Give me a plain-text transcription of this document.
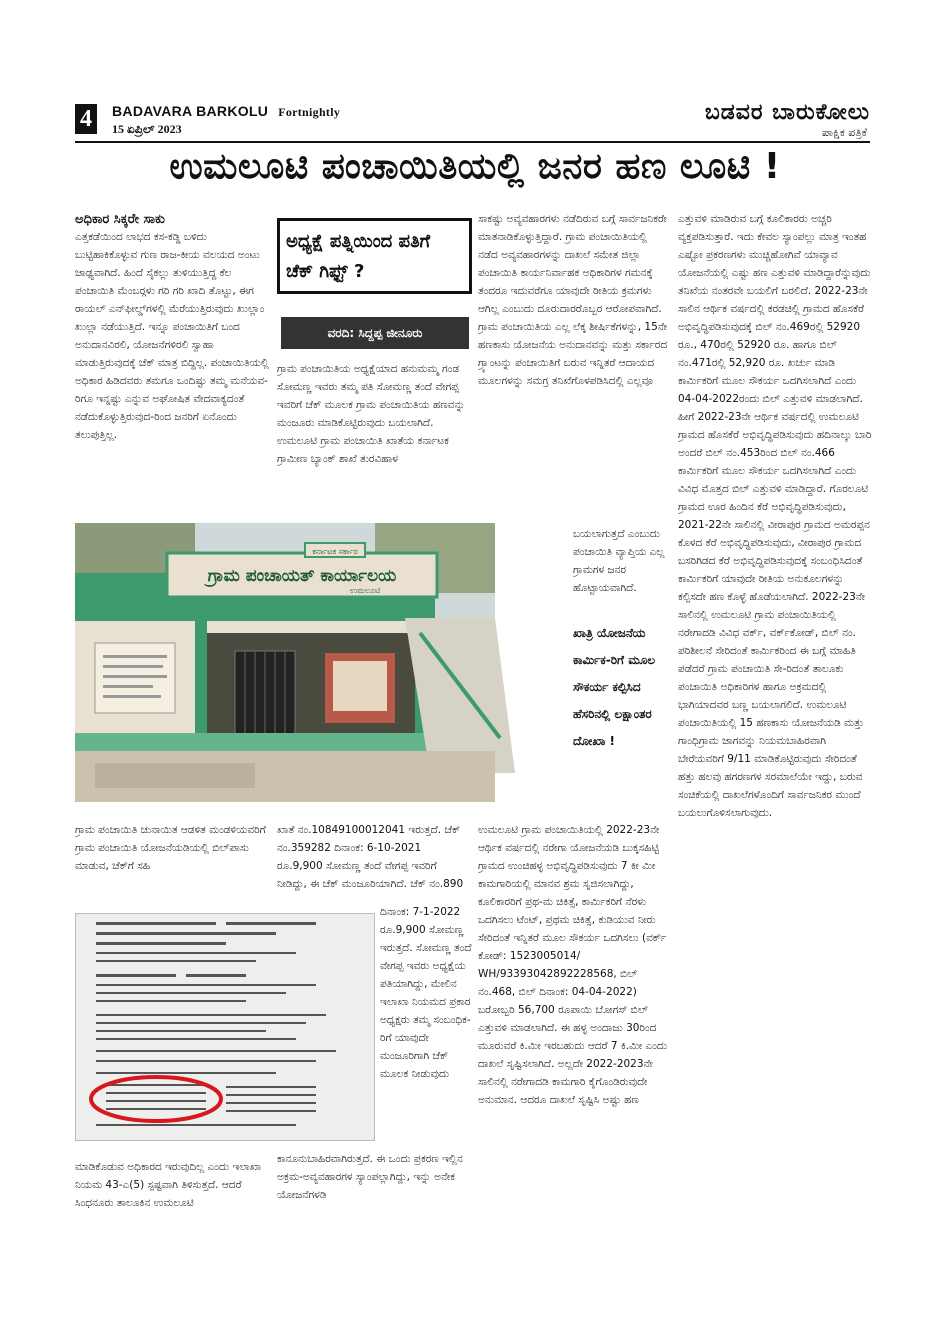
4	BADAVARA BARKOLU Fortnightly
15 ಏಪ್ರಿಲ್ 2023
ಬಡವರ ಬಾರುಕೋಲು
ಪಾಕ್ಷಿಕ ಪತ್ರಿಕೆ
ಉಮಲೂಟಿ ಪಂಚಾಯಿತಿಯಲ್ಲಿ ಜನರ ಹಣ ಲೂಟಿ !
ಅಧಿಕಾರ ಸಿಕ್ಕರೇ ಸಾಕು
ಎತ್ತಕಡೆಯಿಂದ ಲಾಭದ ಕಸ-ಕಡ್ಡಿ ಬಳಿದು ಬುಟ್ಟಿಹಾಕಿಕೊಳ್ಳುವ ಗುಣ ರಾಜ-ಕೀಯ ವಲಯದ ಅಂಟು ಜಾಢ್ಯವಾಗಿದೆ. ಹಿಂದೆ ಸೈಕಲ್ಲು ತುಳಿಯುತ್ತಿದ್ದ ಕೆಲ ಪಂಚಾಯಿತಿ ಮೆಂಬರ‍್ಗಳು ಗರಿ ಗರಿ ಖಾದಿ ತೊಟ್ಟು, ಈಗ ರಾಯಲ್ ಎನ್‌ಫೀಲ್ಡ್‌ಗಳಲ್ಲಿ ಮೆರೆಯುತ್ತಿರುವುದು ಖುಲ್ಲಾಂ ಖುಲ್ಲಾ ನಡೆಯುತ್ತಿದೆ. ಇನ್ನೂ ಪಂಚಾಯಿತಿಗೆ ಬಂದ ಅನುದಾನವಿರಲಿ, ಯೋಜನೆಗಳಿರಲಿ ಸ್ವಾಹಾ ಮಾಡುತ್ತಿರುವುದಕ್ಕೆ ಚೆಕ್ ಮಾತ್ರ ಬಿದ್ದಿಲ್ಲ. ಪಂಚಾಯಿತಿಯಲ್ಲಿ ಅಧಿಕಾರ ಹಿಡಿದವರು ತಮಗೂ ಒಂದಿಷ್ಟು ತಮ್ಮ ಮನೆಯವ-ರಿಗೂ ಇನ್ನಷ್ಟು ಎನ್ನುವ ಅಘೋಷಿತ ವೇದವಾಕ್ಯದಂತೆ ನಡೆದುಕೊಳ್ಳುತ್ತಿರುವುದ-ರಿಂದ ಜನರಿಗೆ ಏನೊಂದು ತಲುಪುತ್ತಿಲ್ಲ.
ಅಧ್ಯಕ್ಷೆ ಪತ್ನಿಯಿಂದ ಪತಿಗೆ ಚೆಕ್ ಗಿಫ್ಟ್ ?
ವರದಿ: ಸಿದ್ದಪ್ಪ ಜೀನೂರು
ಗ್ರಾಮ ಪಂಚಾಯಿತಿಯ ಅಧ್ಯಕ್ಷೆಯಾದ ಹನುಮಮ್ಮ ಗಂಡ ಸೋಮಣ್ಣ ಇವರು ತಮ್ಮ ಪತಿ ಸೋಮಣ್ಣ ತಂದೆ ವೇಗಪ್ಪ ಇವರಿಗೆ ಚೆಕ್ ಮೂಲಕ ಗ್ರಾಮ ಪಂಚಾಯಿತಿಯ ಹಣವನ್ನು ಮಂಜೂರು ಮಾಡಿಕೊಟ್ಟಿರುವುದು ಬಯಲಾಗಿದೆ.
ಉಮಲೂಟಿ ಗ್ರಾಮ ಪಂಚಾಯಿತಿ ಖಾತೆಯ ಕರ್ನಾಟಕ ಗ್ರಾಮೀಣ ಬ್ಯಾಂಕ್ ಶಾಖೆ ತುರವಿಹಾಳ
ಸಾಕಷ್ಟು ಅವ್ಯವಹಾರಗಳು ನಡೆದಿರುವ ಬಗ್ಗೆ ಸಾರ್ವಜನಿಕರೇ ಮಾತನಾಡಿಕೊಳ್ಳುತ್ತಿದ್ದಾರೆ. ಗ್ರಾಮ ಪಂಚಾಯಿತಿಯಲ್ಲಿ ನಡೆದ ಅವ್ಯವಹಾರಗಳನ್ನು ದಾಖಲೆ ಸಮೇತ ಜಿಲ್ಲಾ ಪಂಚಾಯಿತಿ ಕಾರ್ಯನಿರ್ವಾಹಕ ಅಧಿಕಾರಿಗಳ ಗಮನಕ್ಕೆ ತಂದರೂ ಇದುವರೆಗೂ ಯಾವುದೇ ರೀತಿಯ ಕ್ರಮಗಳು ಆಗಿಲ್ಲ ಎಂಬುದು ದೂರುದಾರರೊಬ್ಬರ ಆರೋಪವಾಗಿದೆ. ಗ್ರಾಮ ಪಂಚಾಯಿತಿಯ ಎಲ್ಲ ಲೆಕ್ಕ ಶೀರ್ಷಿಕೆಗಳನ್ನು, 15ನೇ ಹಣಕಾಸು ಯೋಜನೆಯ ಅನುದಾನವನ್ನು ಮತ್ತು ಸರ್ಕಾರದ ಗ್ರ್ಯಾಂಟನ್ನು ಪಂಚಾಯಿತಿಗೆ ಬರುವ ಇನ್ನಿತರೆ ಆದಾಯದ ಮೂಲಗಳನ್ನು ಸಮಗ್ರ ತನಿಖೆಗೊಳಪಡಿಸಿದಲ್ಲಿ ಎಲ್ಲವೂ
ಬಯಲಾಗುತ್ತದೆ ಎಂಬುದು ಪಂಚಾಯಿತಿ ವ್ಯಾಪ್ತಿಯ ಎಲ್ಲ ಗ್ರಾಮಗಳ ಜನರ ಹೊಟ್ಟಾಯವಾಗಿದೆ.
ಖಾತ್ರಿ ಯೋಜನೆಯ ಕಾರ್ಮಿಕ-ರಿಗೆ ಮೂಲ ಸೌಕರ್ಯ ಕಲ್ಪಿಸಿದ ಹೆಸರಿನಲ್ಲಿ ಲಕ್ಷಾಂತರ ದೋಖಾ !
ಎತ್ತುವಳಿ ಮಾಡಿರುವ ಬಗ್ಗೆ ಕೂಲಿಕಾರರು ಅಚ್ಚರಿ ವ್ಯಕ್ತಪಡಿಸುತ್ತಾರೆ. ಇದು ಕೇವಲ ಸ್ಯಾಂಪಲ್ಲು ಮಾತ್ರ ಇಂತಹ ಎಷ್ಟೋ ಪ್ರಕರಣಗಳು ಮುಚ್ಚಿಹೋಗಿವೆ ಯಾವ್ಯಾವ ಯೋಜನೆಯಲ್ಲಿ ಎಷ್ಟು ಹಣ ಎತ್ತುವಳಿ ಮಾಡಿದ್ದಾರೆನ್ನುವುದು ತನಿಖೆಯ ನಂತರವೇ ಬಯಲಿಗೆ ಬರಲಿದೆ. 2022-23ನೇ ಸಾಲಿನ ಆರ್ಥಿಕ ವರ್ಷದಲ್ಲಿ ಕರಡಚಿಲ್ಲಿ ಗ್ರಾಮದ ಹೊಸಕೆರೆ ಅಭಿವೃದ್ಧಿಪಡಿಸುವುದಕ್ಕೆ ಬಿಲ್ ನಂ.469ರಲ್ಲಿ 52920 ರೂ., 470ರಲ್ಲಿ 52920 ರೂ. ಹಾಗೂ ಬಿಲ್ ನಂ.471ರಲ್ಲಿ 52,920 ರೂ. ಖರ್ಚು ಮಾಡಿ ಕಾರ್ಮಿಕರಿಗೆ ಮೂಲ ಸೌಕರ್ಯ ಒದಗಿಸಲಾಗಿದೆ ಎಂದು 04-04-2022ರಂದು ಬಿಲ್ ಎತ್ತುವಳಿ ಮಾಡಲಾಗಿದೆ. ಹೀಗೆ 2022-23ನೇ ಆರ್ಥಿಕ ವರ್ಷದಲ್ಲಿ ಉಮಲೂಟಿ ಗ್ರಾಮದ ಹೊಸಕೆರೆ ಅಭಿವೃದ್ಧಿಪಡಿಸುವುದು ಹದಿನಾಲ್ಕು ಬಾರಿ ಅಂದರೆ ಬಿಲ್ ನಂ.453ರಿಂದ ಬಿಲ್ ನಂ.466 ಕಾರ್ಮಿಕರಿಗೆ ಮೂಲ ಸೌಕರ್ಯ ಒದಗಿಸಲಾಗಿದೆ ಎಂದು ವಿವಿಧ ಮೊತ್ತದ ಬಿಲ್ ಎತ್ತುವಳಿ ಮಾಡಿದ್ದಾರೆ. ಗೊರಲೂಟಿ ಗ್ರಾಮದ ಊರ ಹಿಂದಿನ ಕೆರೆ ಅಭಿವೃದ್ಧಿಪಡಿಸುವುದು, 2021-22ನೇ ಸಾಲಿನಲ್ಲಿ ವೀರಾಪುರ ಗ್ರಾಮದ ಅಮರಪ್ಪನ ಕೊಳದ ಕೆರೆ ಅಭಿವೃದ್ಧಿಪಡಿಸುವುದು, ವೀರಾಪುರ ಗ್ರಾಮದ ಬಸರಿಗಿಡದ ಕೆರೆ ಅಭಿವೃದ್ಧಿಪಡಿಸುವುದಕ್ಕೆ ಸಂಬಂಧಿಸಿದಂತೆ ಕಾರ್ಮಿಕರಿಗೆ ಯಾವುದೇ ರೀತಿಯ ಅನುಕೂಲಗಳನ್ನು ಕಲ್ಪಿಸದೇ ಹಣ ಕೊಳ್ಳೆ ಹೊಡೆಯಲಾಗಿದೆ. 2022-23ನೇ ಸಾಲಿನಲ್ಲಿ ಉಮಲೂಟಿ ಗ್ರಾಮ ಪಂಚಾಯಿತಿಯಲ್ಲಿ ನರೇಗಾದಡಿ ವಿವಿಧ ವರ್ಕ್, ವರ್ಕ್‌ಕೋಡ್, ಬಿಲ್ ನಂ. ಪರಿಶೀಲನೆ ಸೇರಿದಂತೆ ಕಾರ್ಮಿಕರಿಂದ ಈ ಬಗ್ಗೆ ಮಾಹಿತಿ ಪಡೆದರೆ ಗ್ರಾಮ ಪಂಚಾಯಿತಿ ಸೇ-ರಿದಂತೆ ತಾಲೂಕು ಪಂಚಾಯಿತಿ ಅಧಿಕಾರಿಗಳ ಹಾಗೂ ಅಕ್ರಮದಲ್ಲಿ ಭಾಗಿಯಾದವರ ಬಣ್ಣ ಬಯಲಾಗಲಿದೆ. ಉಮಲೂಟಿ ಪಂಚಾಯಿತಿಯಲ್ಲಿ 15 ಹಣಕಾಸು ಯೋಜನೆಯಡಿ ಮತ್ತು ಗಾಂಧಿಗ್ರಾಮ ಜಾಗವನ್ನು ನಿಯಮಬಾಹಿರವಾಗಿ ಬೇರೆಯವರಿಗೆ 9/11 ಮಾಡಿಕೊಟ್ಟಿರುವುದು ಸೇರಿದಂತೆ ಹತ್ತು ಹಲವು ಹಗರಣಗಳ ಸರಮಾಲೆಯೇ ಇದ್ದು, ಬರುವ ಸಂಚಿಕೆಯಲ್ಲಿ ದಾಖಲೆಗಳೊಂದಿಗೆ ಸಾರ್ವಜನಿಕರ ಮುಂದೆ ಬಯಲುಗೊಳಿಸಲಾಗುವುದು.
ಕರ್ನಾಟಕ ಸರ್ಕಾರ
ಗ್ರಾಮ ಪಂಚಾಯತ್ ಕಾರ್ಯಾಲಯ
ಉಮಲೂಟಿ
ಗ್ರಾಮ ಪಂಚಾಯಿತಿ ಚುನಾಯಿತ ಆಡಳಿತ ಮಂಡಳಿಯವರಿಗೆ ಗ್ರಾಮ ಪಂಚಾಯಿತಿ ಯೋಜನೆಯಡಿಯಲ್ಲಿ ಬಿಲ್‌ಪಾಸು ಮಾಡುವ, ಚೆಕ್‌ಗೆ ಸಹಿ
ಖಾತೆ ನಂ.10849100012041 ಇರುತ್ತದೆ. ಚೆಕ್ ನಂ.359282 ದಿನಾಂಕ: 6-10-2021 ರೂ.9,900 ಸೋಮಣ್ಣ ತಂದೆ ವೇಗಪ್ಪ ಇವರಿಗೆ ನೀಡಿದ್ದು, ಈ ಚೆಕ್ ಮಂಜೂರಿಯಾಗಿದೆ. ಚೆಕ್ ನಂ.890
ದಿನಾಂಕ: 7-1-2022 ರೂ.9,900 ಸೋಮಣ್ಣ ಇರುತ್ತದೆ. ಸೋಮಣ್ಣ ತಂದೆ ವೇಗಪ್ಪ ಇವರು ಅಧ್ಯಕ್ಷೆಯ ಪತಿಯಾಗಿದ್ದು, ಮೇಲಿನ ಇಲಾಖಾ ನಿಯಮದ ಪ್ರಕಾರ ಅಧ್ಯಕ್ಷರು ತಮ್ಮ ಸಂಬಂಧಿಕ-ರಿಗೆ ಯಾವುದೇ ಮಂಜೂರಿಗಾಗಿ ಚೆಕ್ ಮೂಲಕ ನೀಡುವುದು
ಉಮಲೂಟಿ ಗ್ರಾಮ ಪಂಚಾಯಿತಿಯಲ್ಲಿ 2022-23ನೇ ಆರ್ಥಿಕ ವರ್ಷದಲ್ಲಿ ನರೇಗಾ ಯೋಜನೆಯಡಿ ಬುಕ್ಕಸಹಿಟ್ಟಿ ಗ್ರಾಮದ ಉಂಚಿಹಳ್ಳ ಅಭಿವೃದ್ಧಿಪಡಿಸುವುದು 7 ಕೀ ಮೀ ಕಾಮಗಾರಿಯಲ್ಲಿ ಮಾನವ ಶ್ರಮ ಸೃಜಿಸಲಾಗಿದ್ದು, ಕೂಲಿಕಾರರಿಗೆ ಪ್ರಥ-ಮ ಚಿಕಿತ್ಸೆ, ಕಾರ್ಮಿಕರಿಗೆ ನೆರಳು ಒದಗಿಸಲು ಟೆಂಟ್, ಪ್ರಥಮ ಚಿಕಿತ್ಸೆ, ಕುಡಿಯುವ ನೀರು ಸೇರಿದಂತೆ ಇನ್ನಿತರೆ ಮೂಲ ಸೌಕರ್ಯ ಒದಗಿಸಲು (ವರ್ಕ್ ಕೋಡ್: 1523005014/ WH/93393042892228568, ಬಿಲ್ ನಂ.468, ಬಿಲ್ ದಿನಾಂಕ: 04-04-2022) ಬರೋಬ್ಬರಿ 56,700 ರೂಪಾಯಿ ಬೋಗಸ್ ಬಿಲ್ ಎತ್ತುವಳಿ ಮಾಡಲಾಗಿದೆ. ಈ ಹಳ್ಳ ಅಂದಾಜು 30ರಿಂದ ಮೂರುವರೆ ಕಿ.ಮೀ ಇರಬಹುದು ಆದರೆ 7 ಕಿ.ಮೀ ಎಂದು ದಾಖಲೆ ಸೃಷ್ಟಿಸಲಾಗಿದೆ. ಅಲ್ಲದೇ 2022-2023ನೇ ಸಾಲಿನಲ್ಲಿ ನರೇಗಾದಡಿ ಕಾಮಗಾರಿ ಕೈಗೊಂಡಿರುವುದೇ ಅನುಮಾನ. ಆದರೂ ದಾಖಲೆ ಸೃಷ್ಟಿಸಿ ಅಷ್ಟು ಹಣ
ಮಾಡಿಕೊಡುವ ಅಧಿಕಾರದ ಇರುವುದಿಲ್ಲ ಎಂದು ಇಲಾಖಾ ನಿಯಮ 43-ಎ(5) ಸ್ಪಷ್ಟವಾಗಿ ತಿಳಿಸುತ್ತದೆ. ಆದರೆ ಸಿಂಧನೂರು ತಾಲೂಕಿನ ಉಮಲೂಟಿ
ಕಾನೂನುಬಾಹಿರವಾಗಿರುತ್ತದೆ. ಈ ಒಂದು ಪ್ರಕರಣ ಇಲ್ಲಿನ ಅಕ್ರಮ-ಅವ್ಯವಹಾರಗಳ ಸ್ಯಾಂಪಲ್ಲಾಗಿದ್ದು, ಇನ್ನು ಅನೇಕ ಯೋಜನೆಗಳಡಿ
